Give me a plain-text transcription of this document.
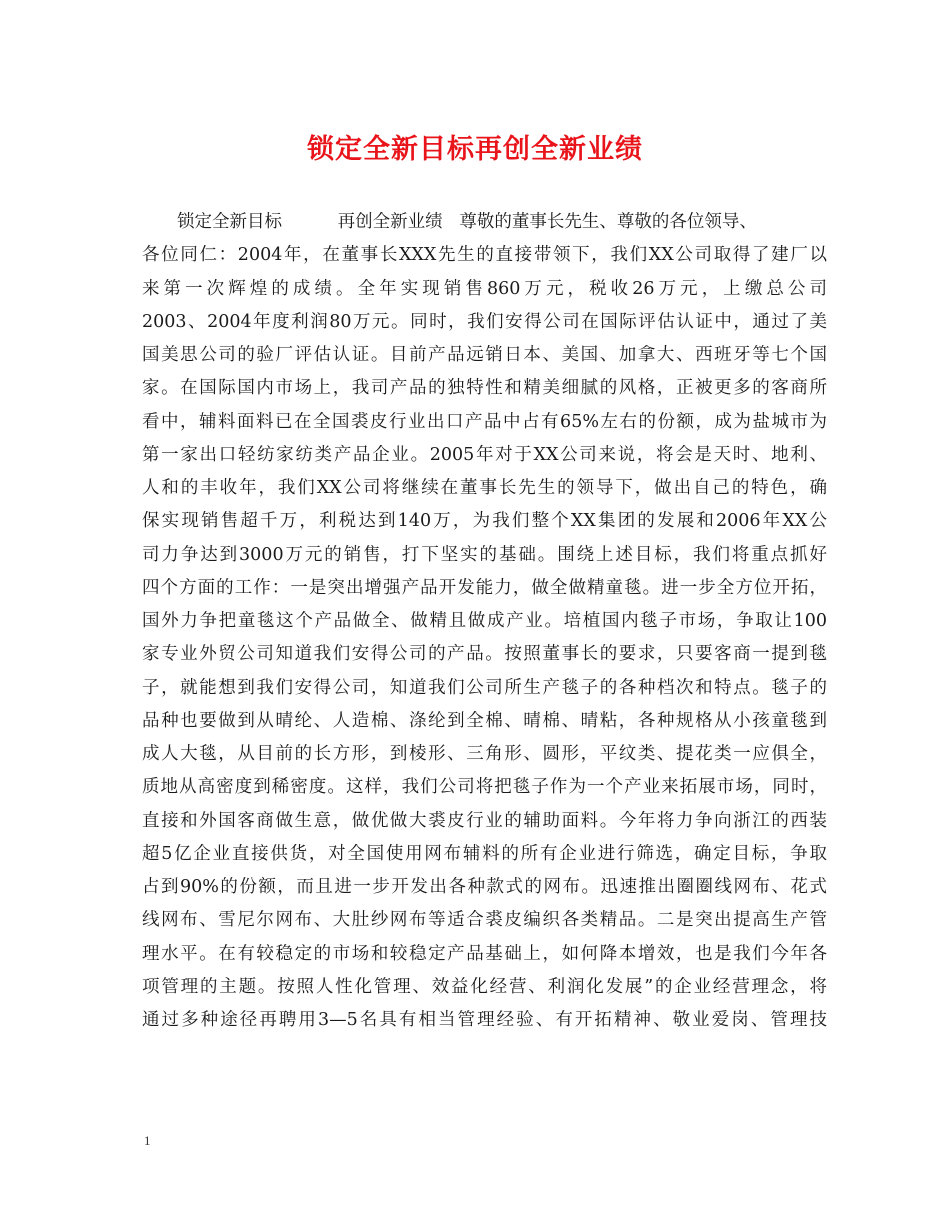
锁定全新目标再创全新业绩
锁定全新目标          再创全新业绩   尊敬的董事长先生、尊敬的各位领导、
各位同仁：2004年，在董事长XXX先生的直接带领下，我们XX公司取得了建厂以
来第一次辉煌的成绩。全年实现销售860万元，税收26万元，上缴总公司
2003、2004年度利润80万元。同时，我们安得公司在国际评估认证中，通过了美
国美思公司的验厂评估认证。目前产品远销日本、美国、加拿大、西班牙等七个国
家。在国际国内市场上，我司产品的独特性和精美细腻的风格，正被更多的客商所
看中，辅料面料已在全国裘皮行业出口产品中占有65%左右的份额，成为盐城市为
第一家出口轻纺家纺类产品企业。2005年对于XX公司来说，将会是天时、地利、
人和的丰收年，我们XX公司将继续在董事长先生的领导下，做出自己的特色，确
保实现销售超千万，利税达到140万，为我们整个XX集团的发展和2006年XX公
司力争达到3000万元的销售，打下坚实的基础。围绕上述目标，我们将重点抓好
四个方面的工作：一是突出增强产品开发能力，做全做精童毯。进一步全方位开拓，
国外力争把童毯这个产品做全、做精且做成产业。培植国内毯子市场，争取让100
家专业外贸公司知道我们安得公司的产品。按照董事长的要求，只要客商一提到毯
子，就能想到我们安得公司，知道我们公司所生产毯子的各种档次和特点。毯子的
品种也要做到从晴纶、人造棉、涤纶到全棉、晴棉、晴粘，各种规格从小孩童毯到
成人大毯，从目前的长方形，到棱形、三角形、圆形，平纹类、提花类一应俱全，
质地从高密度到稀密度。这样，我们公司将把毯子作为一个产业来拓展市场，同时，
直接和外国客商做生意，做优做大裘皮行业的辅助面料。今年将力争向浙江的西装
超5亿企业直接供货，对全国使用网布辅料的所有企业进行筛选，确定目标，争取
占到90%的份额，而且进一步开发出各种款式的网布。迅速推出圈圈线网布、花式
线网布、雪尼尔网布、大肚纱网布等适合裘皮编织各类精品。二是突出提高生产管
理水平。在有较稳定的市场和较稳定产品基础上，如何降本增效，也是我们今年各
项管理的主题。按照人性化管理、效益化经营、利润化发展”的企业经营理念，将
通过多种途径再聘用3—5名具有相当管理经验、有开拓精神、敬业爱岗、管理技
1
